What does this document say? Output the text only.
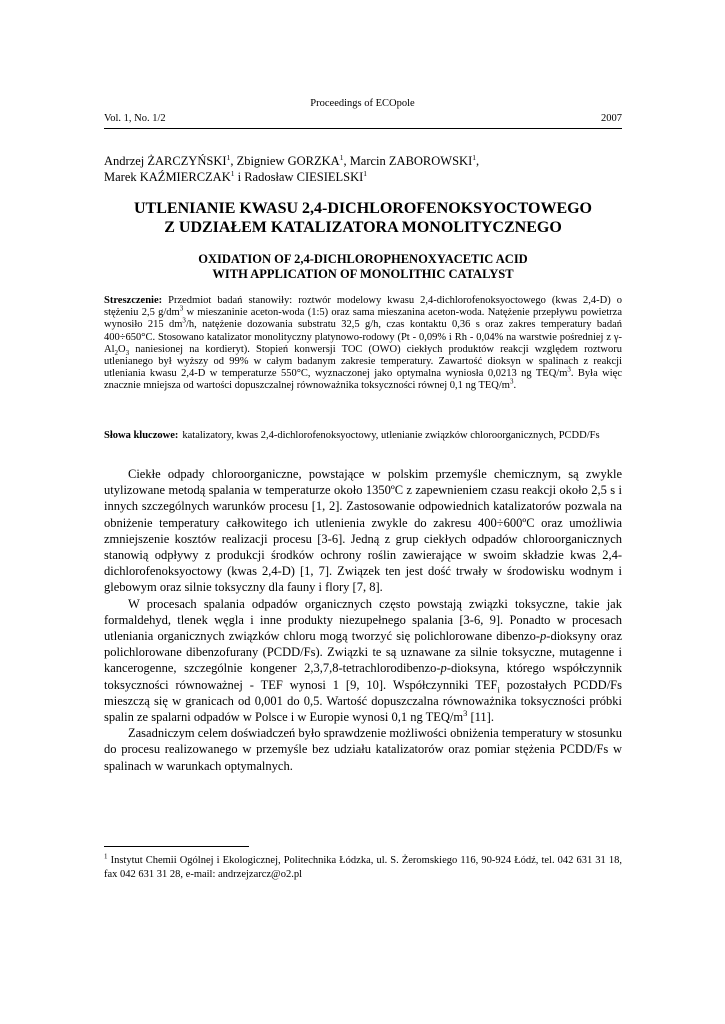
Proceedings of ECOpole
Vol. 1, No. 1/2	2007
Andrzej ŻARCZYŃSKI$^1$, Zbigniew GORZKA$^1$, Marcin ZABOROWSKI$^1$,
Marek KAŹMIERCZAK$^1$ i Radosław CIESIELSKI$^1$
UTLENIANIE KWASU 2,4-DICHLOROFENOKSYOCTOWEGO
Z UDZIAŁEM KATALIZATORA MONOLITYCZNEGO
OXIDATION OF 2,4-DICHLOROPHENOXYACETIC ACID
WITH APPLICATION OF MONOLITHIC CATALYST
Streszczenie: Przedmiot badań stanowiły: roztwór modelowy kwasu 2,4-dichlorofenoksyoctowego (kwas 2,4-D) o stężeniu 2,5 $g/dm^3$ w mieszaninie aceton-woda (1:5) oraz sama mieszanina aceton-woda. Natężenie przepływu powietrza wynosiło 215 $dm^3/h$, natężenie dozowania substratu 32,5 g/h, czas kontaktu 0,36 s oraz zakres temperatury badań 400÷650°C. Stosowano katalizator monolityczny platynowo-rodowy (Pt - 0,09% i Rh - 0,04% na warstwie pośredniej z $\gamma-Al_2O_3$ naniesionej na kordieryt). Stopień konwersji TOC (OWO) ciekłych produktów reakcji względem roztworu utlenianego był wyższy od 99% w całym badanym zakresie temperatury. Zawartość dioksyn w spalinach z reakcji utleniania kwasu 2,4-D w temperaturze 550°C, wyznaczonej jako optymalna wyniosła 0,0213 ng TEQ/$m^3$. Była więc znacznie mniejsza od wartości dopuszczalnej równoważnika toksyczności równej 0,1 ng TEQ/$m^3$.
Słowa kluczowe: katalizatory, kwas 2,4-dichlorofenoksyoctowy, utlenianie związków chloroorganicznych, PCDD/Fs

Ciekłe odpady chloroorganiczne, powstające w polskim przemyśle chemicznym, są zwykle utylizowane metodą spalania w temperaturze około 1350ºC z zapewnieniem czasu reakcji około 2,5 s i innych szczególnych warunków procesu [1, 2]. Zastosowanie odpowiednich katalizatorów pozwala na obniżenie temperatury całkowitego ich utlenienia zwykle do zakresu 400÷600ºC oraz umożliwia zmniejszenie kosztów realizacji procesu [3-6]. Jedną z grup ciekłych odpadów chloroorganicznych stanowią odpływy z produkcji środków ochrony roślin zawierające w swoim składzie kwas 2,4-dichlorofenoksyoctowy (kwas 2,4-D) [1, 7]. Związek ten jest dość trwały w środowisku wodnym i glebowym oraz silnie toksyczny dla fauny i flory [7, 8].

W procesach spalania odpadów organicznych często powstają związki toksyczne, takie jak formaldehyd, tlenek węgla i inne produkty niezupełnego spalania [3-6, 9]. Ponadto w procesach utleniania organicznych związków chloru mogą tworzyć się polichlorowane dibenzo-p-dioksyny oraz polichlorowane dibenzofurany (PCDD/Fs). Związki te są uznawane za silnie toksyczne, mutagenne i kancerogenne, szczególnie kongener 2,3,7,8-tetrachlorodibenzo-p-dioksyna, którego współczynnik toksyczności równoważnej - TEF wynosi 1 [9, 10]. Współczynniki $TEF_i$ pozostałych PCDD/Fs mieszczą się w granicach od 0,001 do 0,5. Wartość dopuszczalna równoważnika toksyczności próbki spalin ze spalarni odpadów w Polsce i w Europie wynosi 0,1 ng TEQ/$m^3$ [11].

Zasadniczym celem doświadczeń było sprawdzenie możliwości obniżenia temperatury w stosunku do procesu realizowanego w przemyśle bez udziału katalizatorów oraz pomiar stężenia PCDD/Fs w spalinach w warunkach optymalnych.

$^1$ Instytut Chemii Ogólnej i Ekologicznej, Politechnika Łódzka, ul. S. Żeromskiego 116, 90-924 Łódź, tel. 042 631 31 18, fax 042 631 31 28, e-mail: andrzejzarcz@o2.pl
